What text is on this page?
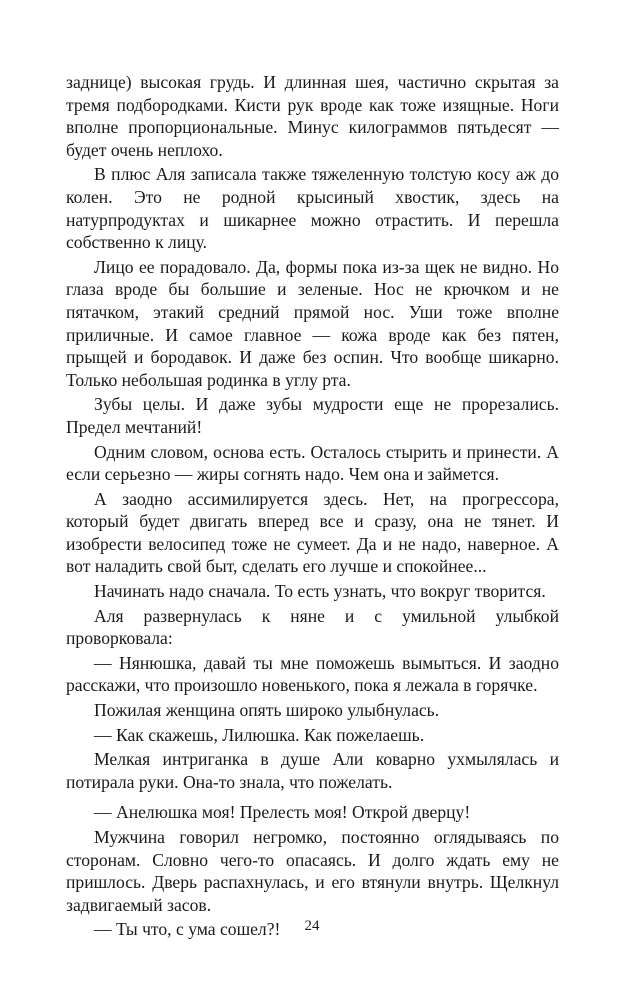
заднице) высокая грудь. И длинная шея, частично скрытая за тремя подбородками. Кисти рук вроде как тоже изящные. Ноги вполне пропорциональные. Минус килограммов пятьдесят — будет очень неплохо.

В плюс Аля записала также тяжеленную толстую косу аж до колен. Это не родной крысиный хвостик, здесь на натурпродуктах и шикарнее можно отрастить. И перешла собственно к лицу.

Лицо ее порадовало. Да, формы пока из-за щек не видно. Но глаза вроде бы большие и зеленые. Нос не крючком и не пятачком, этакий средний прямой нос. Уши тоже вполне приличные. И самое главное — кожа вроде как без пятен, прыщей и бородавок. И даже без оспин. Что вообще шикарно. Только небольшая родинка в углу рта.

Зубы целы. И даже зубы мудрости еще не прорезались. Предел мечтаний!

Одним словом, основа есть. Осталось стырить и принести. А если серьезно — жиры согнять надо. Чем она и займется.

А заодно ассимилируется здесь. Нет, на прогрессора, который будет двигать вперед все и сразу, она не тянет. И изобрести велосипед тоже не сумеет. Да и не надо, наверное. А вот наладить свой быт, сделать его лучше и спокойнее...

Начинать надо сначала. То есть узнать, что вокруг творится.

Аля развернулась к няне и с умильной улыбкой проворковала:

— Нянюшка, давай ты мне поможешь вымыться. И заодно расскажи, что произошло новенького, пока я лежала в горячке.

Пожилая женщина опять широко улыбнулась.

— Как скажешь, Лилюшка. Как пожелаешь.

Мелкая интриганка в душе Али коварно ухмылялась и потирала руки. Она-то знала, что пожелать.

— Анелюшка моя! Прелесть моя! Открой дверцу!

Мужчина говорил негромко, постоянно оглядываясь по сторонам. Словно чего-то опасаясь. И долго ждать ему не пришлось. Дверь распахнулась, и его втянули внутрь. Щелкнул задвигаемый засов.

— Ты что, с ума сошел?!	24
